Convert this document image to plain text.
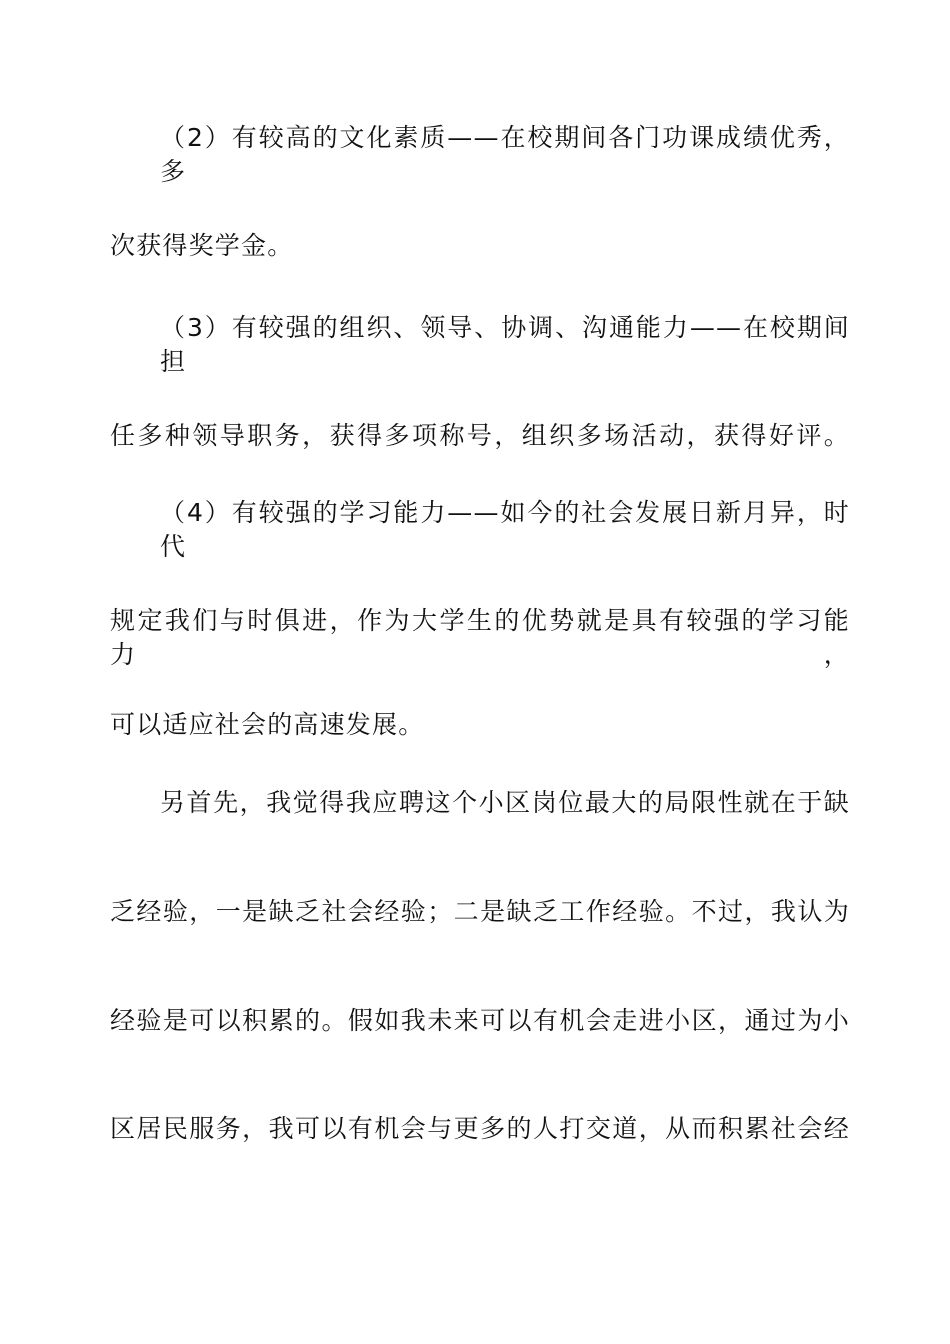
（2）有较高的文化素质——在校期间各门功课成绩优秀，多
次获得奖学金。
（3）有较强的组织、领导、协调、沟通能力——在校期间担
任多种领导职务，获得多项称号，组织多场活动，获得好评。
（4）有较强的学习能力——如今的社会发展日新月异，时代
规定我们与时俱进，作为大学生的优势就是具有较强的学习能力，
可以适应社会的高速发展。
另首先，我觉得我应聘这个小区岗位最大的局限性就在于缺
乏经验，一是缺乏社会经验；二是缺乏工作经验。不过，我认为
经验是可以积累的。假如我未来可以有机会走进小区，通过为小
区居民服务，我可以有机会与更多的人打交道，从而积累社会经
